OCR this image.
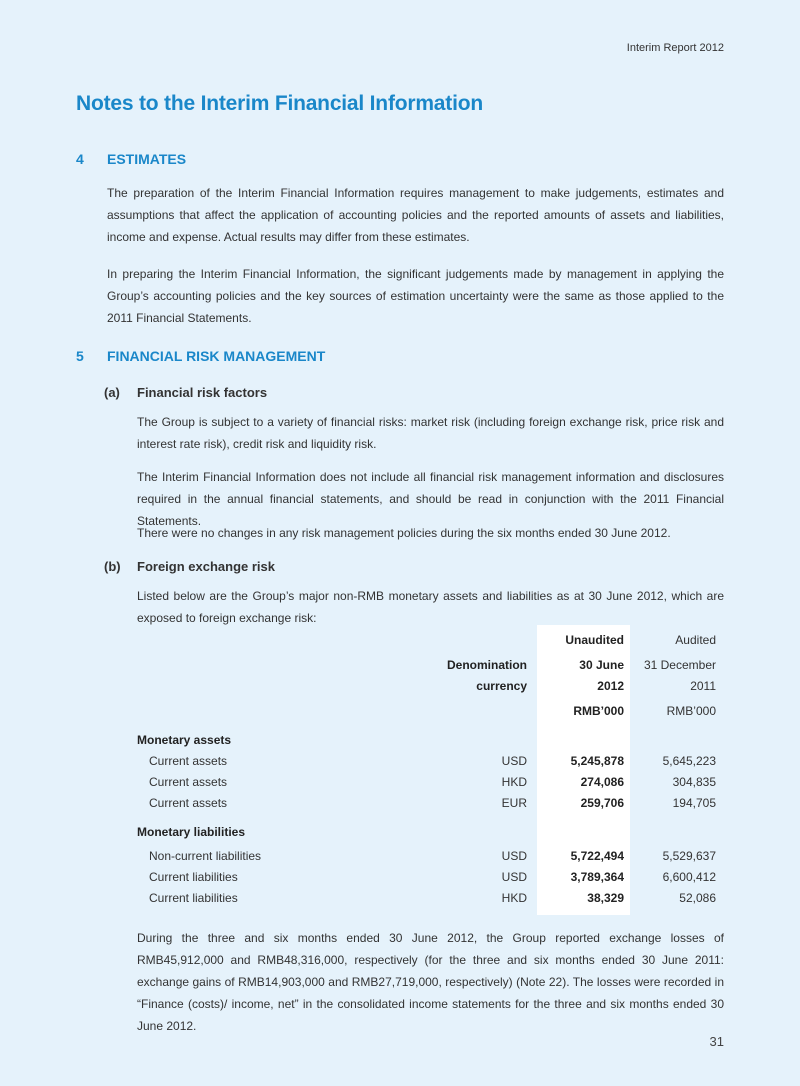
Interim Report 2012
Notes to the Interim Financial Information
4 ESTIMATES

The preparation of the Interim Financial Information requires management to make judgements, estimates and assumptions that affect the application of accounting policies and the reported amounts of assets and liabilities, income and expense. Actual results may differ from these estimates.

In preparing the Interim Financial Information, the significant judgements made by management in applying the Group’s accounting policies and the key sources of estimation uncertainty were the same as those applied to the 2011 Financial Statements.

5 FINANCIAL RISK MANAGEMENT
(a) Financial risk factors

The Group is subject to a variety of financial risks: market risk (including foreign exchange risk, price risk and interest rate risk), credit risk and liquidity risk.

The Interim Financial Information does not include all financial risk management information and disclosures required in the annual financial statements, and should be read in conjunction with the 2011 Financial Statements.

There were no changes in any risk management policies during the six months ended 30 June 2012.

(b) Foreign exchange risk

Listed below are the Group’s major non-RMB monetary assets and liabilities as at 30 June 2012, which are exposed to foreign exchange risk:

Unaudited	Audited
Denomination	30 June 31 December
currency	2012	2011
RMB’000	RMB’000
Monetary assets
Current assets	USD	5,245,878	5,645,223
Current assets	HKD	274,086	304,835
Current assets	EUR	259,706	194,705
Monetary liabilities
Non-current liabilities	USD	5,722,494	5,529,637
Current liabilities	USD	3,789,364	6,600,412
Current liabilities	HKD	38,329	52,086

During the three and six months ended 30 June 2012, the Group reported exchange losses of RMB45,912,000 and RMB48,316,000, respectively (for the three and six months ended 30 June 2011: exchange gains of RMB14,903,000 and RMB27,719,000, respectively) (Note 22). The losses were recorded in “Finance (costs)/ income, net” in the consolidated income statements for the three and six months ended 30 June 2012.

31
